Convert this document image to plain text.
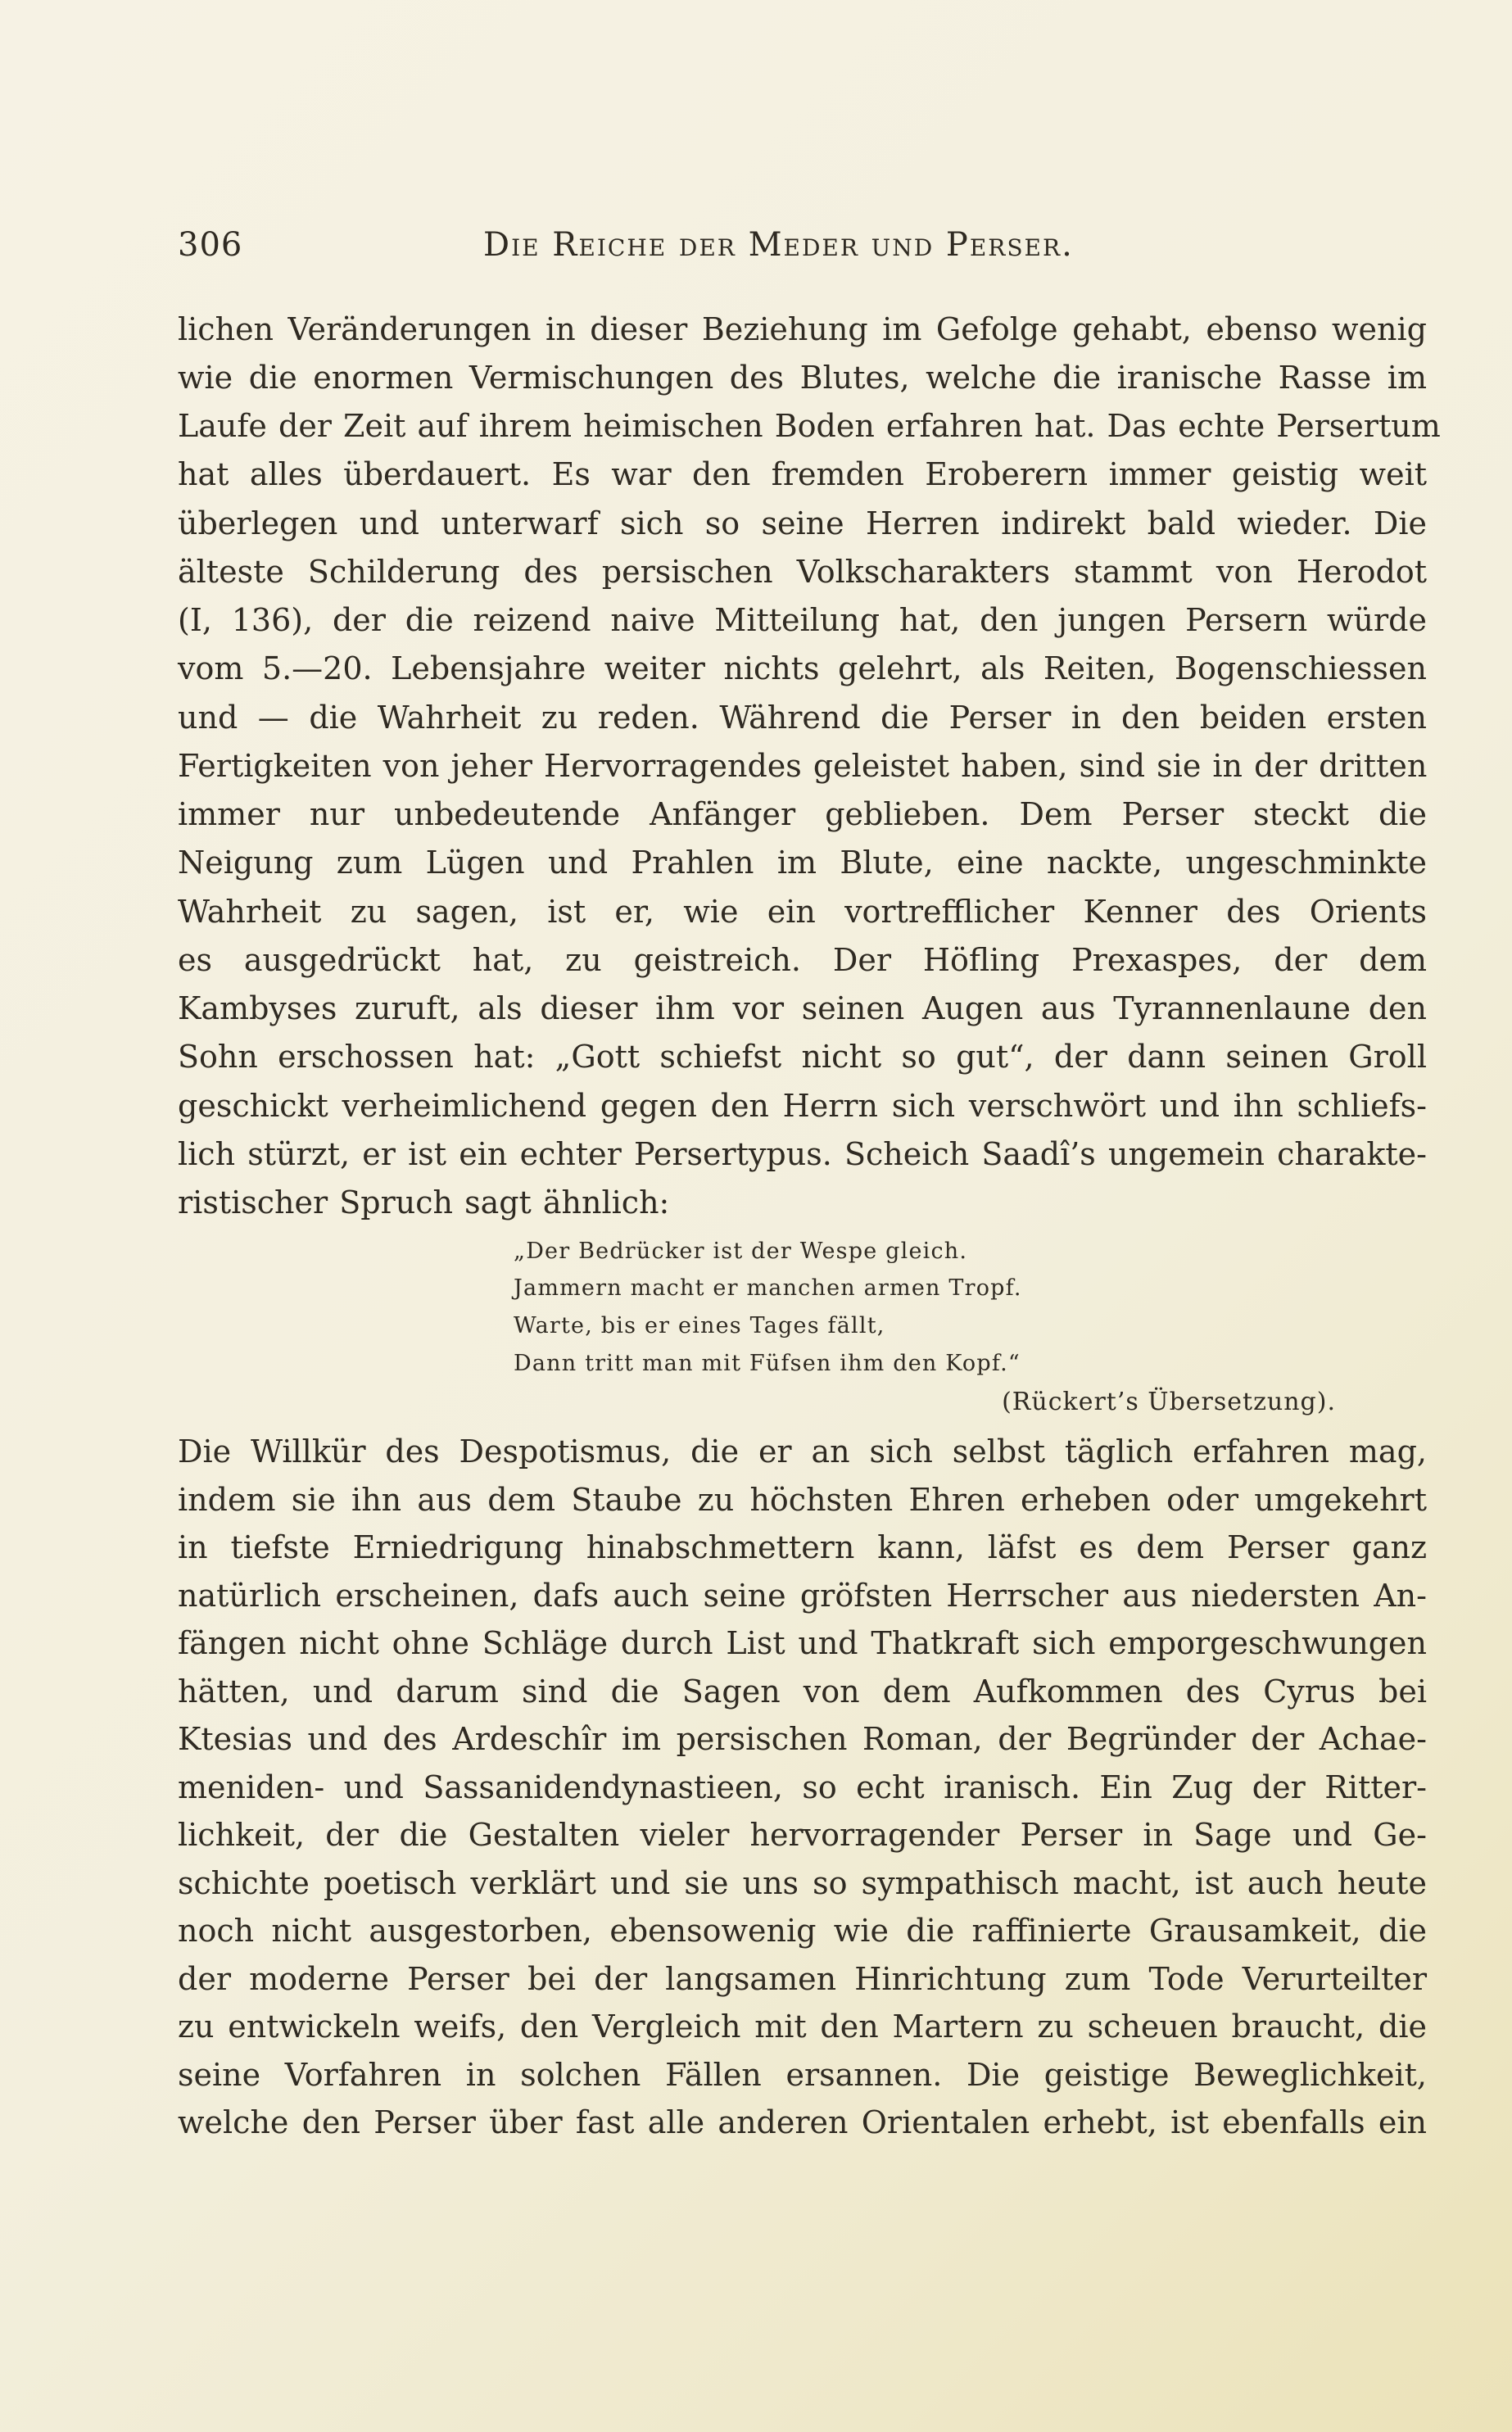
306	Die Reiche der Meder und Perser.
lichen Veränderungen in dieser Beziehung im Gefolge gehabt, ebenso wenig
wie die enormen Vermischungen des Blutes, welche die iranische Rasse im
Laufe der Zeit auf ihrem heimischen Boden erfahren hat. Das echte Persertum
hat alles überdauert. Es war den fremden Eroberern immer geistig weit
überlegen und unterwarf sich so seine Herren indirekt bald wieder. Die
älteste Schilderung des persischen Volkscharakters stammt von Herodot
(I, 136), der die reizend naive Mitteilung hat, den jungen Persern würde
vom 5.—20. Lebensjahre weiter nichts gelehrt, als Reiten, Bogenschiessen
und — die Wahrheit zu reden. Während die Perser in den beiden ersten
Fertigkeiten von jeher Hervorragendes geleistet haben, sind sie in der dritten
immer nur unbedeutende Anfänger geblieben. Dem Perser steckt die
Neigung zum Lügen und Prahlen im Blute, eine nackte, ungeschminkte
Wahrheit zu sagen, ist er, wie ein vortrefflicher Kenner des Orients
es ausgedrückt hat, zu geistreich. Der Höfling Prexaspes, der dem
Kambyses zuruft, als dieser ihm vor seinen Augen aus Tyrannenlaune den
Sohn erschossen hat: „Gott schiefst nicht so gut“, der dann seinen Groll
geschickt verheimlichend gegen den Herrn sich verschwört und ihn schliefs-
lich stürzt, er ist ein echter Persertypus. Scheich Saadî’s ungemein charakte-
ristischer Spruch sagt ähnlich:
„Der Bedrücker ist der Wespe gleich.
Jammern macht er manchen armen Tropf.
Warte, bis er eines Tages fällt,
Dann tritt man mit Füfsen ihm den Kopf.“
(Rückert’s Übersetzung).
Die Willkür des Despotismus, die er an sich selbst täglich erfahren mag,
indem sie ihn aus dem Staube zu höchsten Ehren erheben oder umgekehrt
in tiefste Erniedrigung hinabschmettern kann, läfst es dem Perser ganz
natürlich erscheinen, dafs auch seine gröfsten Herrscher aus niedersten An-
fängen nicht ohne Schläge durch List und Thatkraft sich emporgeschwungen
hätten, und darum sind die Sagen von dem Aufkommen des Cyrus bei
Ktesias und des Ardeschîr im persischen Roman, der Begründer der Achae-
meniden- und Sassanidendynastieen, so echt iranisch. Ein Zug der Ritter-
lichkeit, der die Gestalten vieler hervorragender Perser in Sage und Ge-
schichte poetisch verklärt und sie uns so sympathisch macht, ist auch heute
noch nicht ausgestorben, ebensowenig wie die raffinierte Grausamkeit, die
der moderne Perser bei der langsamen Hinrichtung zum Tode Verurteilter
zu entwickeln weifs, den Vergleich mit den Martern zu scheuen braucht, die
seine Vorfahren in solchen Fällen ersannen. Die geistige Beweglichkeit,
welche den Perser über fast alle anderen Orientalen erhebt, ist ebenfalls ein
